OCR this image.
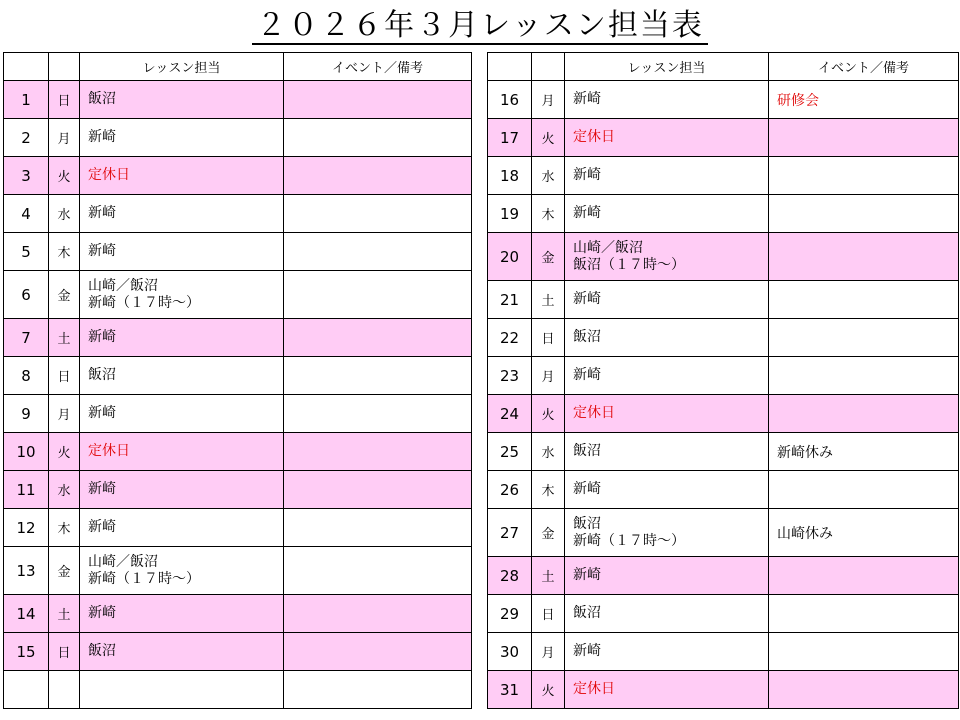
２０２６年３月レッスン担当表
		レッスン担当	イベント／備考
1	日	飯沼	
2	月	新崎	
3	火	定休日	
4	水	新崎	
5	木	新崎	
6	金	山崎／飯沼
新崎（１７時～）	
7	土	新崎	
8	日	飯沼	
9	月	新崎	
10	火	定休日	
11	水	新崎	
12	木	新崎	
13	金	山崎／飯沼
新崎（１７時～）	
14	土	新崎	
15	日	飯沼	

		レッスン担当	イベント／備考
16	月	新崎	研修会
17	火	定休日	
18	水	新崎	
19	木	新崎	
20	金	山崎／飯沼
飯沼（１７時～）	
21	土	新崎	
22	日	飯沼	
23	月	新崎	
24	火	定休日	
25	水	飯沼	新崎休み
26	木	新崎	
27	金	飯沼
新崎（１７時～）	山崎休み
28	土	新崎	
29	日	飯沼	
30	月	新崎	
31	火	定休日	
